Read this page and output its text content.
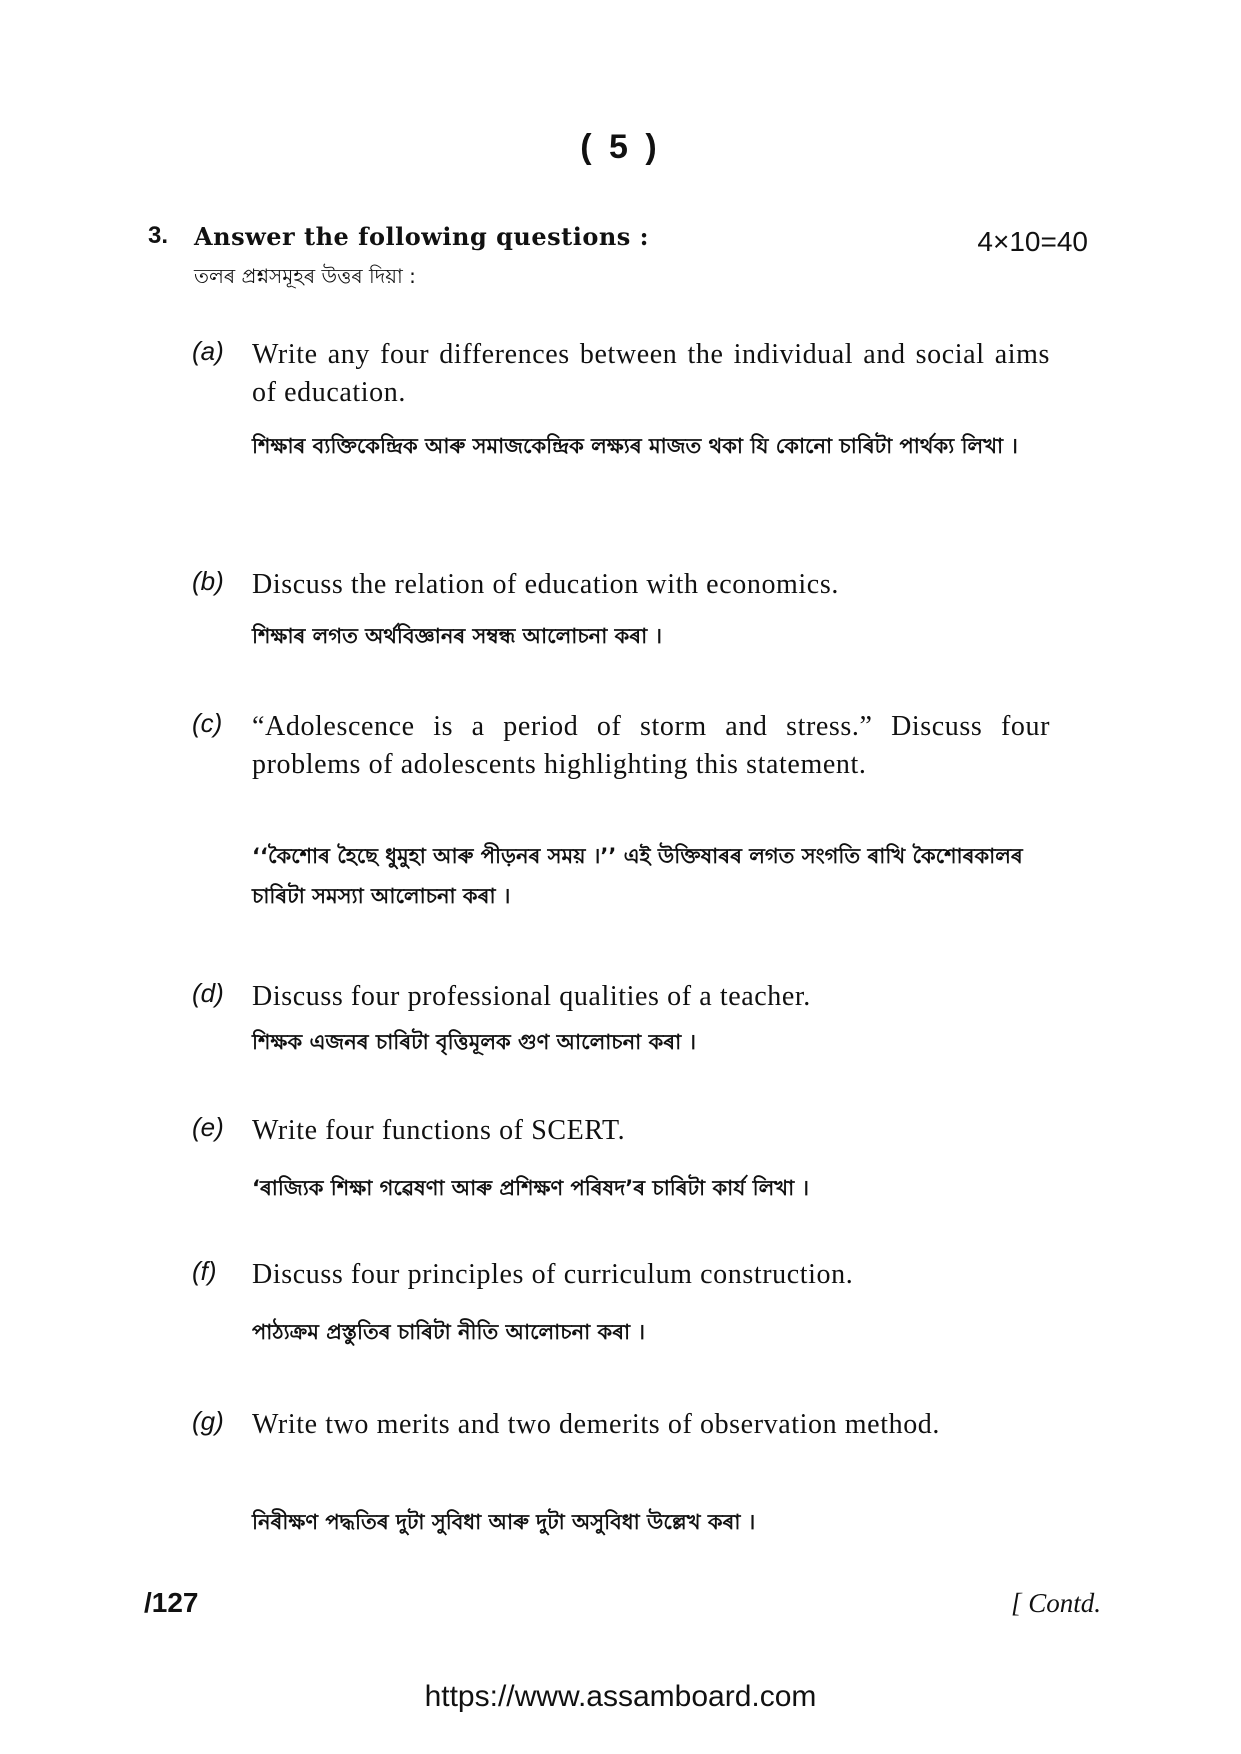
( 5 )
3. Answer the following questions :
তলৰ প্ৰশ্নসমূহৰ উত্তৰ দিয়া :
4×10=40
(a) Write any four differences between the individual and social aims of education.
শিক্ষাৰ ব্যক্তিকেন্দ্ৰিক আৰু সমাজকেন্দ্ৰিক লক্ষ্যৰ মাজত থকা যি কোনো চাৰিটা পাৰ্থক্য লিখা ।
(b) Discuss the relation of education with economics.
শিক্ষাৰ লগত অৰ্থবিজ্ঞানৰ সম্বন্ধ আলোচনা কৰা ।
(c) “Adolescence is a period of storm and stress.” Discuss four problems of adolescents highlighting this statement.
‘‘কৈশোৰ হৈছে ধুমুহা আৰু পীড়নৰ সময় ।’’ এই উক্তিষাৰৰ লগত সংগতি ৰাখি কৈশোৰকালৰ চাৰিটা সমস্যা আলোচনা কৰা ।
(d) Discuss four professional qualities of a teacher.
শিক্ষক এজনৰ চাৰিটা বৃত্তিমূলক গুণ আলোচনা কৰা ।
(e) Write four functions of SCERT.
‘ৰাজ্যিক শিক্ষা গৱেষণা আৰু প্ৰশিক্ষণ পৰিষদ’ৰ চাৰিটা কাৰ্য লিখা ।
(f) Discuss four principles of curriculum construction.
পাঠ্যক্ৰম প্ৰস্তুতিৰ চাৰিটা নীতি আলোচনা কৰা ।
(g) Write two merits and two demerits of observation method.
নিৰীক্ষণ পদ্ধতিৰ দুটা সুবিধা আৰু দুটা অসুবিধা উল্লেখ কৰা ।
/127	[ Contd.
https://www.assamboard.com
